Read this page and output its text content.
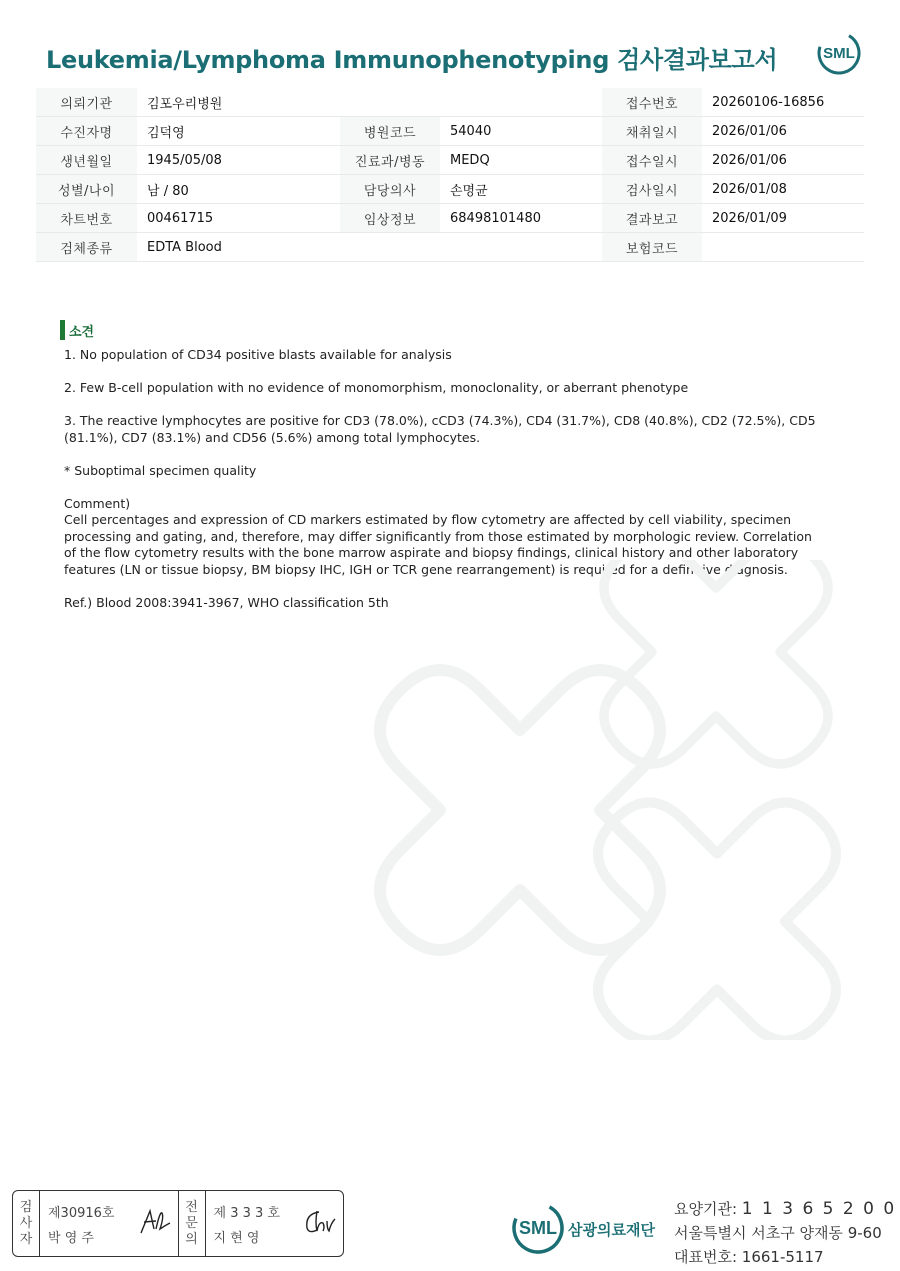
Leukemia/Lymphoma Immunophenotyping 검사결과보고서	SML
의뢰기관	김포우리병원			접수번호	20260106-16856
수진자명	김덕영	병원코드	54040	채취일시	2026/01/06
생년월일	1945/05/08	진료과/병동	MEDQ	접수일시	2026/01/06
성별/나이	남 / 80	담당의사	손명균	검사일시	2026/01/08
차트번호	00461715	임상정보	68498101480	결과보고	2026/01/09
검체종류	EDTA Blood			보험코드	
소견

1. No population of CD34 positive blasts available for analysis

2. Few B-cell population with no evidence of monomorphism, monoclonality, or aberrant phenotype

3. The reactive lymphocytes are positive for CD3 (78.0%), cCD3 (74.3%), CD4 (31.7%), CD8 (40.8%), CD2 (72.5%), CD5 (81.1%), CD7 (83.1%) and CD56 (5.6%) among total lymphocytes.

* Suboptimal specimen quality

Comment)

Cell percentages and expression of CD markers estimated by flow cytometry are affected by cell viability, specimen processing and gating, and, therefore, may differ significantly from those estimated by morphologic review. Correlation of the flow cytometry results with the bone marrow aspirate and biopsy findings, clinical history and other laboratory features (LN or tissue biopsy, BM biopsy IHC, IGH or TCR gene rearrangement) is required for a definitive diagnosis.

Ref.) Blood 2008:3941-3967, WHO classification 5th

검
사
자
제30916호
박 영 주
전
문
의
제 3 3 3 호
지 현 영	SML 삼광의료재단
요양기관: 1 1 3 6 5 2 0 0
서울특별시 서초구 양재동 9-60
대표번호: 1661-5117
